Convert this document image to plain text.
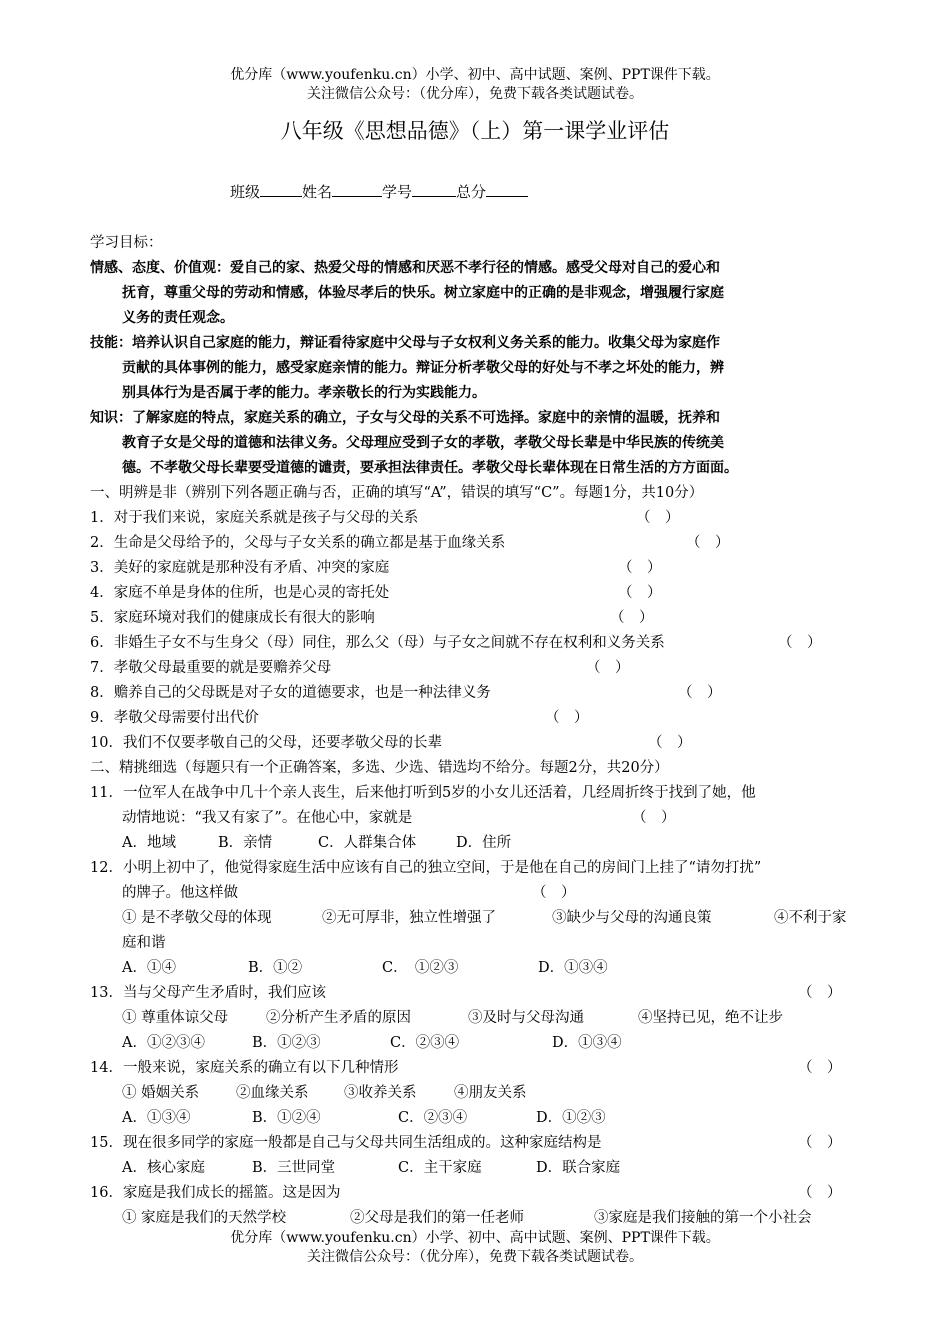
优分库（www.youfenku.cn）小学、初中、高中试题、案例、PPT课件下载。
关注微信公众号：（优分库），免费下载各类试题试卷。
八年级《思想品德》（上）第一课学业评估
班级	姓名	学号	总分
学习目标：
情感、态度、价值观：爱自己的家、热爱父母的情感和厌恶不孝行径的情感。感受父母对自己的爱心和
抚育，尊重父母的劳动和情感，体验尽孝后的快乐。树立家庭中的正确的是非观念，增强履行家庭
义务的责任观念。
技能：培养认识自己家庭的能力，辩证看待家庭中父母与子女权利义务关系的能力。收集父母为家庭作
贡献的具体事例的能力，感受家庭亲情的能力。辩证分析孝敬父母的好处与不孝之坏处的能力，辨
别具体行为是否属于孝的能力。孝亲敬长的行为实践能力。
知识：了解家庭的特点，家庭关系的确立，子女与父母的关系不可选择。家庭中的亲情的温暖，抚养和
教育子女是父母的道德和法律义务。父母理应受到子女的孝敬，孝敬父母长辈是中华民族的传统美
德。不孝敬父母长辈要受道德的谴责，要承担法律责任。孝敬父母长辈体现在日常生活的方方面面。
一、明辨是非（辨别下列各题正确与否，正确的填写“A”，错误的填写“C”。每题1分，共10分）
1．对于我们来说，家庭关系就是孩子与父母的关系	（　）
2．生命是父母给予的，父母与子女关系的确立都是基于血缘关系	（　）
3．美好的家庭就是那种没有矛盾、冲突的家庭	（　）
4．家庭不单是身体的住所，也是心灵的寄托处	（　）
5．家庭环境对我们的健康成长有很大的影响	（　）
6．非婚生子女不与生身父（母）同住，那么父（母）与子女之间就不存在权利和义务关系	（　）
7．孝敬父母最重要的就是要赡养父母	（　）
8．赡养自己的父母既是对子女的道德要求，也是一种法律义务	（　）
9．孝敬父母需要付出代价	（　）
10．我们不仅要孝敬自己的父母，还要孝敬父母的长辈	（　）
二、精挑细选（每题只有一个正确答案，多选、少选、错选均不给分。每题2分，共20分）
11．一位军人在战争中几十个亲人丧生，后来他打听到5岁的小女儿还活着，几经周折终于找到了她，他
动情地说：“我又有家了”。在他心中，家就是	（　）
A．地域	B．亲情	C．人群集合体	D．住所
12．小明上初中了，他觉得家庭生活中应该有自己的独立空间，于是他在自己的房间门上挂了“请勿打扰”
的牌子。他这样做	（　）
① 是不孝敬父母的体现	②无可厚非，独立性增强了	③缺少与父母的沟通良策	④不利于家
庭和谐
A．①④	B．①②	C．　①②③	D．①③④
13．当与父母产生矛盾时，我们应该	（　）
① 尊重体谅父母	②分析产生矛盾的原因	③及时与父母沟通	④坚持已见，绝不让步
A．①②③④	B．①②③	C．②③④	D．①③④
14．一般来说，家庭关系的确立有以下几种情形	（　）
① 婚姻关系	②血缘关系 ③收养关系	④朋友关系
A．①③④	B．①②④	C．②③④	D．①②③
15．现在很多同学的家庭一般都是自己与父母共同生活组成的。这种家庭结构是	（　）
A．核心家庭	B．三世同堂	C．主干家庭	D．联合家庭
16．家庭是我们成长的摇篮。这是因为	（　）
① 家庭是我们的天然学校	②父母是我们的第一任老师	③家庭是我们接触的第一个小社会
优分库（www.youfenku.cn）小学、初中、高中试题、案例、PPT课件下载。
关注微信公众号：（优分库），免费下载各类试题试卷。
